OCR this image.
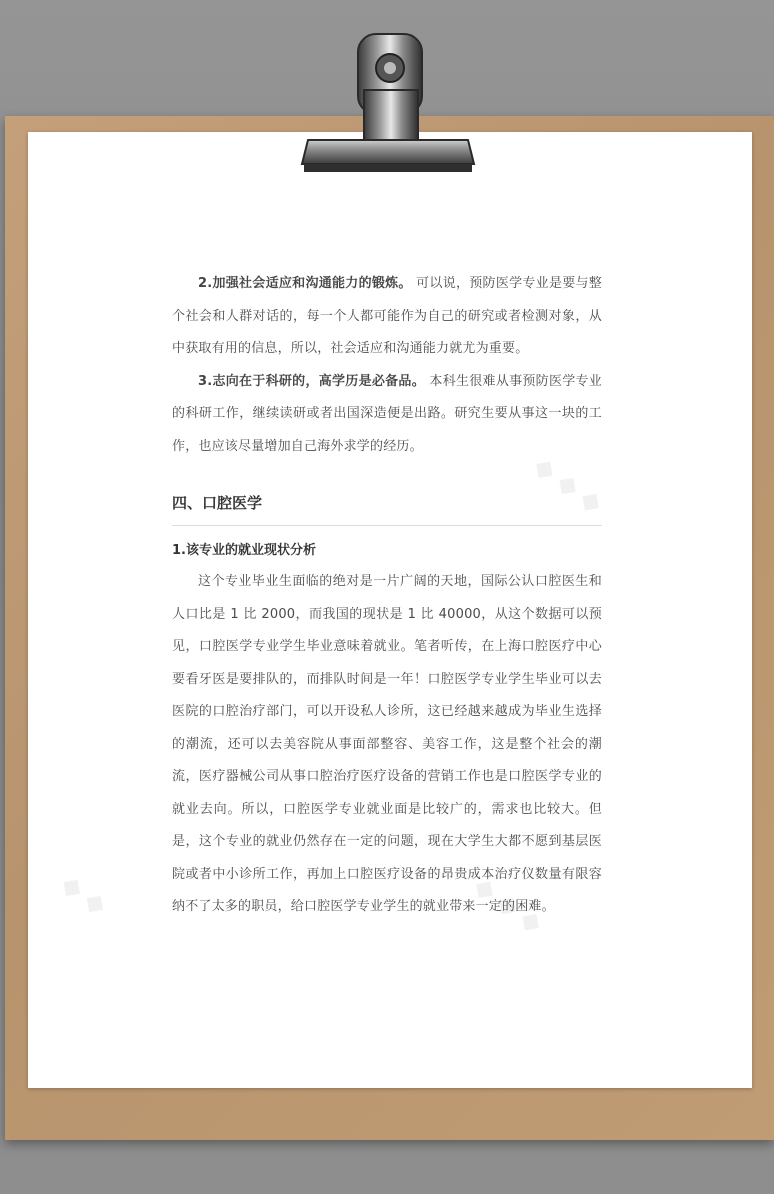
2.加强社会适应和沟通能力的锻炼。 可以说，预防医学专业是要与整个社会和人群对话的，每一个人都可能作为自己的研究或者检测对象，从中获取有用的信息，所以，社会适应和沟通能力就尤为重要。

3.志向在于科研的，高学历是必备品。 本科生很难从事预防医学专业的科研工作，继续读研或者出国深造便是出路。研究生要从事这一块的工作，也应该尽量增加自己海外求学的经历。

四、口腔医学
1.该专业的就业现状分析

这个专业毕业生面临的绝对是一片广阔的天地，国际公认口腔医生和人口比是 1 比 2000，而我国的现状是 1 比 40000，从这个数据可以预见，口腔医学专业学生毕业意味着就业。笔者听传，在上海口腔医疗中心要看牙医是要排队的，而排队时间是一年！口腔医学专业学生毕业可以去医院的口腔治疗部门，可以开设私人诊所，这已经越来越成为毕业生选择的潮流，还可以去美容院从事面部整容、美容工作，这是整个社会的潮流，医疗器械公司从事口腔治疗医疗设备的营销工作也是口腔医学专业的就业去向。所以，口腔医学专业就业面是比较广的，需求也比较大。但是，这个专业的就业仍然存在一定的问题，现在大学生大都不愿到基层医院或者中小诊所工作，再加上口腔医疗设备的昂贵成本治疗仪数量有限容纳不了太多的职员，给口腔医学专业学生的就业带来一定的困难。
